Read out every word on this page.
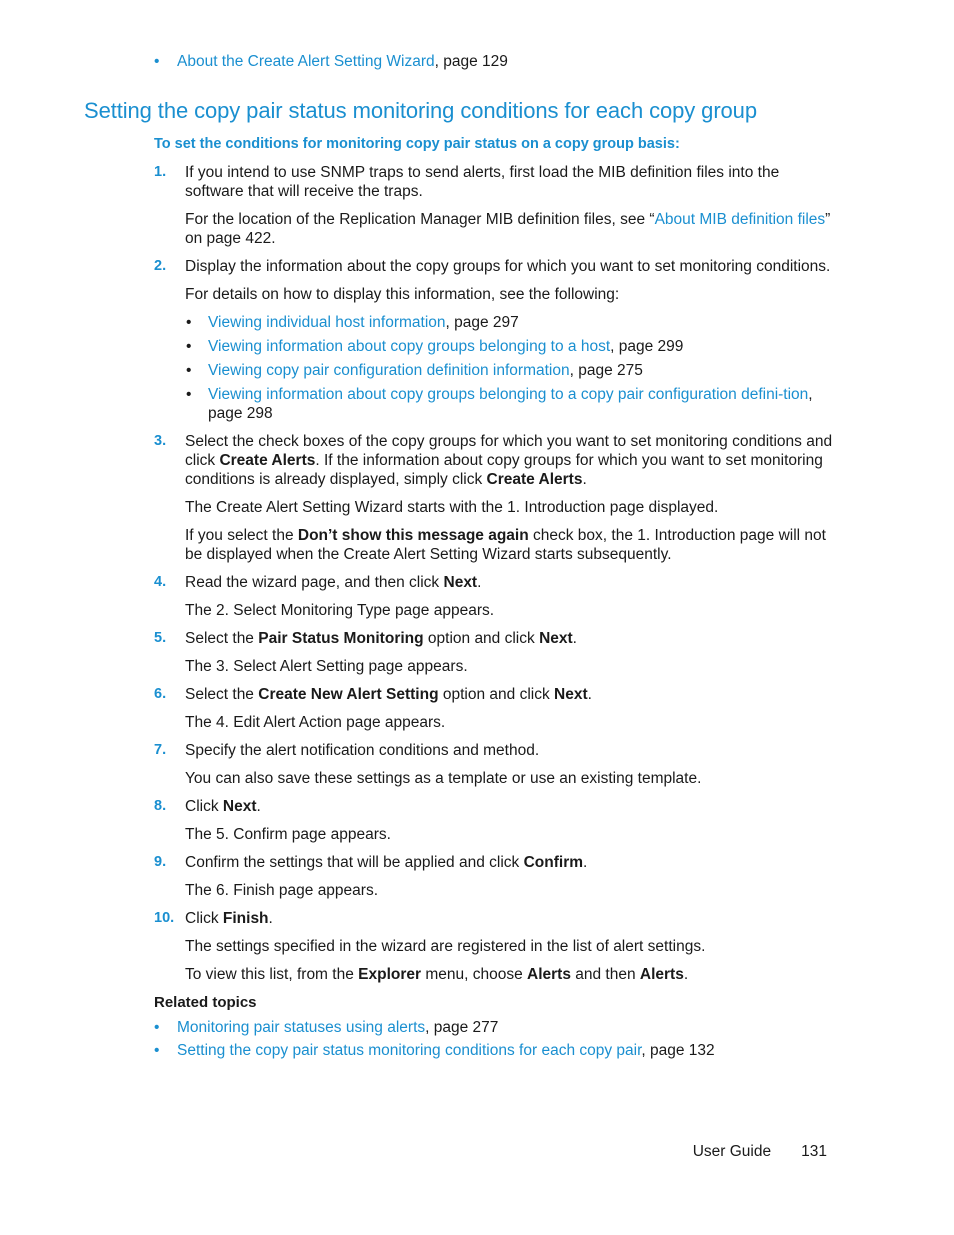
• About the Create Alert Setting Wizard, page 129
Setting the copy pair status monitoring conditions for each copy group
To set the conditions for monitoring copy pair status on a copy group basis:
1. If you intend to use SNMP traps to send alerts, first load the MIB definition files into the software that will receive the traps.

For the location of the Replication Manager MIB definition files, see “About MIB definition files” on page 422.

2. Display the information about the copy groups for which you want to set monitoring conditions.

For details on how to display this information, see the following:

• Viewing individual host information, page 297
• Viewing information about copy groups belonging to a host, page 299
• Viewing copy pair configuration definition information, page 275
• Viewing information about copy groups belonging to a copy pair configuration defini-tion, page 298
3. Select the check boxes of the copy groups for which you want to set monitoring conditions and click Create Alerts. If the information about copy groups for which you want to set monitoring conditions is already displayed, simply click Create Alerts.

The Create Alert Setting Wizard starts with the 1. Introduction page displayed.

If you select the Don’t show this message again check box, the 1. Introduction page will not be displayed when the Create Alert Setting Wizard starts subsequently.

4. Read the wizard page, and then click Next.

The 2. Select Monitoring Type page appears.

5. Select the Pair Status Monitoring option and click Next.

The 3. Select Alert Setting page appears.

6. Select the Create New Alert Setting option and click Next.

The 4. Edit Alert Action page appears.

7. Specify the alert notification conditions and method.

You can also save these settings as a template or use an existing template.

8. Click Next.

The 5. Confirm page appears.

9. Confirm the settings that will be applied and click Confirm.

The 6. Finish page appears.

10. Click Finish.

The settings specified in the wizard are registered in the list of alert settings.

To view this list, from the Explorer menu, choose Alerts and then Alerts.

Related topics
• Monitoring pair statuses using alerts, page 277
• Setting the copy pair status monitoring conditions for each copy pair, page 132
User Guide 131
